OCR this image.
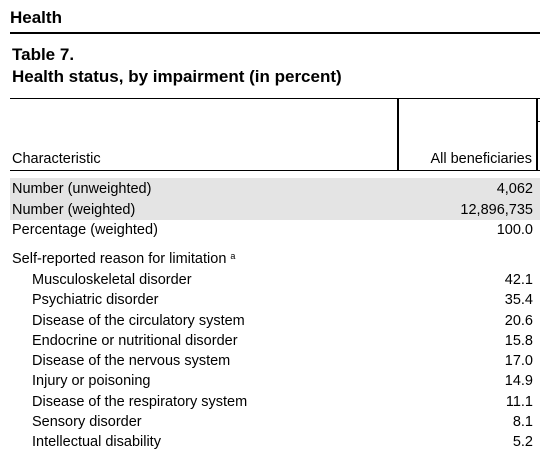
Health
Table 7.
Health status, by impairment (in percent)
Characteristic	All beneficiaries
Number (unweighted)	4,062
Number (weighted)	12,896,735
Percentage (weighted)	100.0
Self-reported reason for limitation $^a$
Musculoskeletal disorder	42.1
Psychiatric disorder	35.4
Disease of the circulatory system	20.6
Endocrine or nutritional disorder	15.8
Disease of the nervous system	17.0
Injury or poisoning	14.9
Disease of the respiratory system	11.1
Sensory disorder	8.1
Intellectual disability	5.2
